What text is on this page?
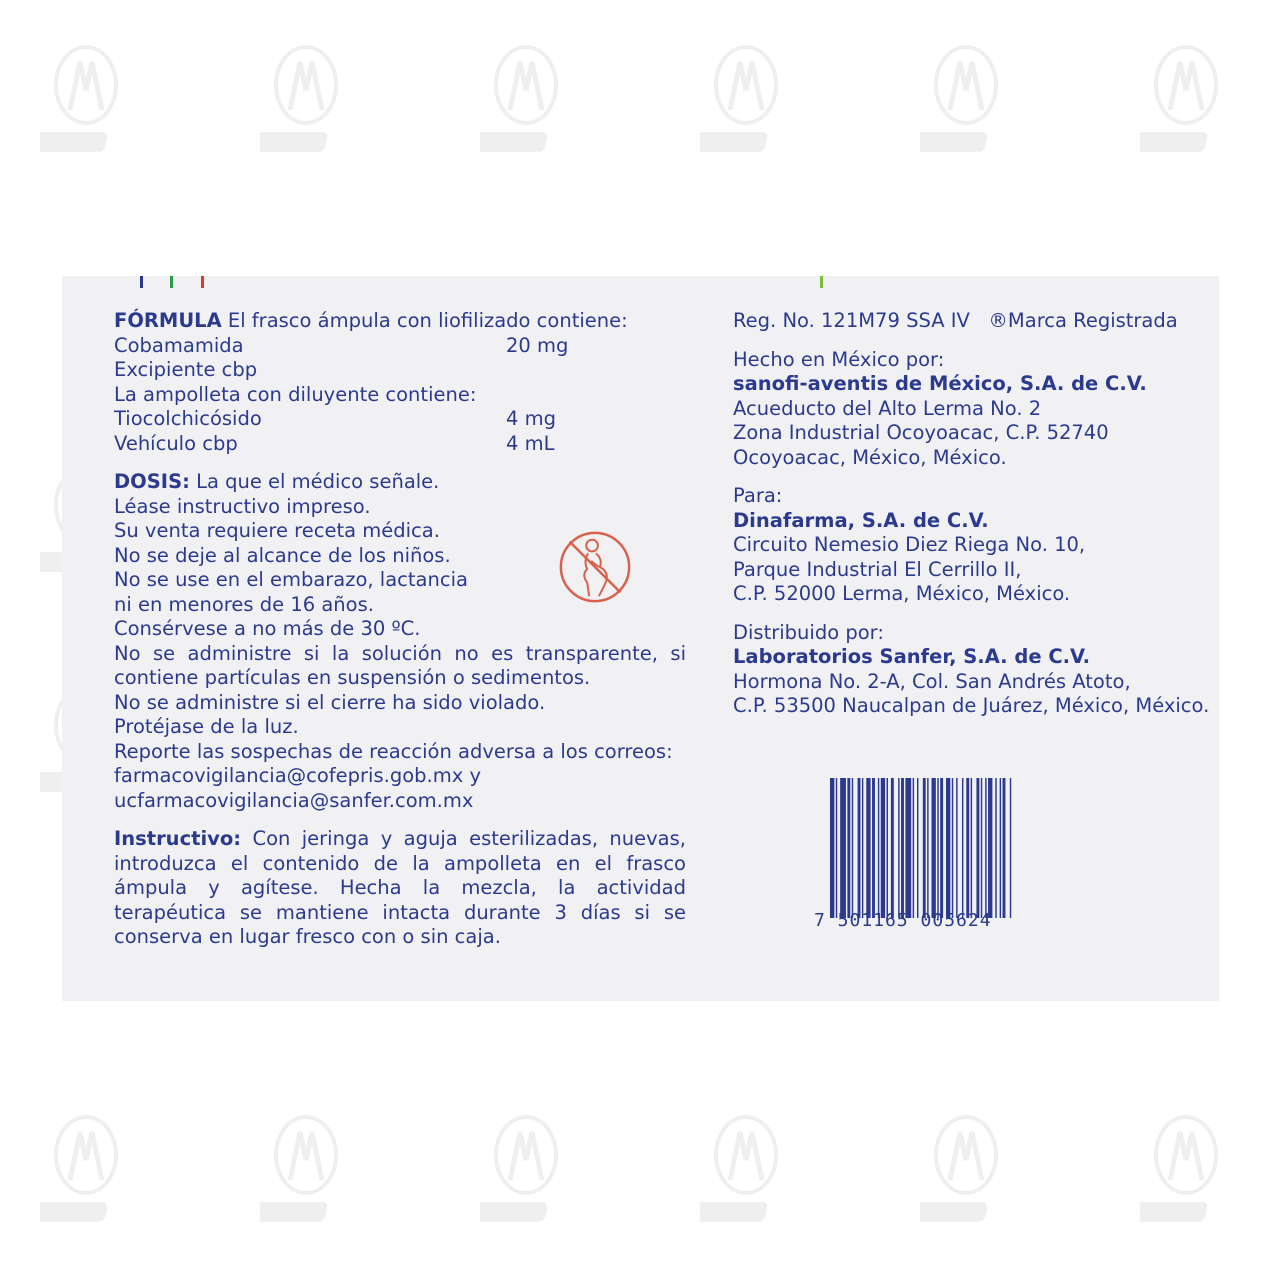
FÓRMULA El frasco ámpula con liofilizado contiene:

Cobamamida	20 mg
Excipiente cbp
La ampolleta con diluyente contiene:
Tiocolchicósido	4 mg
Vehículo cbp	4 mL

DOSIS: La que el médico señale.

Léase instructivo impreso.

Su venta requiere receta médica.

No se deje al alcance de los niños.

No se use en el embarazo, lactancia

ni en menores de 16 años.

Consérvese a no más de 30 ºC.

No se administre si la solución no es transparente, si contiene partículas en suspensión o sedimentos.

No se administre si el cierre ha sido violado.

Protéjase de la luz.

Reporte las sospechas de reacción adversa a los correos:

farmacovigilancia@cofepris.gob.mx y

ucfarmacovigilancia@sanfer.com.mx

Instructivo: Con jeringa y aguja esterilizadas, nuevas, introduzca el contenido de la ampolleta en el frasco ámpula y agítese. Hecha la mezcla, la actividad terapéutica se mantiene intacta durante 3 días si se conserva en lugar fresco con o sin caja.

Reg. No. 121M79 SSA IV   ®Marca Registrada

Hecho en México por:

sanofi-aventis de México, S.A. de C.V.

Acueducto del Alto Lerma No. 2

Zona Industrial Ocoyoacac, C.P. 52740

Ocoyoacac, México, México.

Para:

Dinafarma, S.A. de C.V.

Circuito Nemesio Diez Riega No. 10,

Parque Industrial El Cerrillo II,

C.P. 52000 Lerma, México, México.

Distribuido por:

Laboratorios Sanfer, S.A. de C.V.

Hormona No. 2-A, Col. San Andrés Atoto,

C.P. 53500 Naucalpan de Juárez, México, México.

7 501165 005624
